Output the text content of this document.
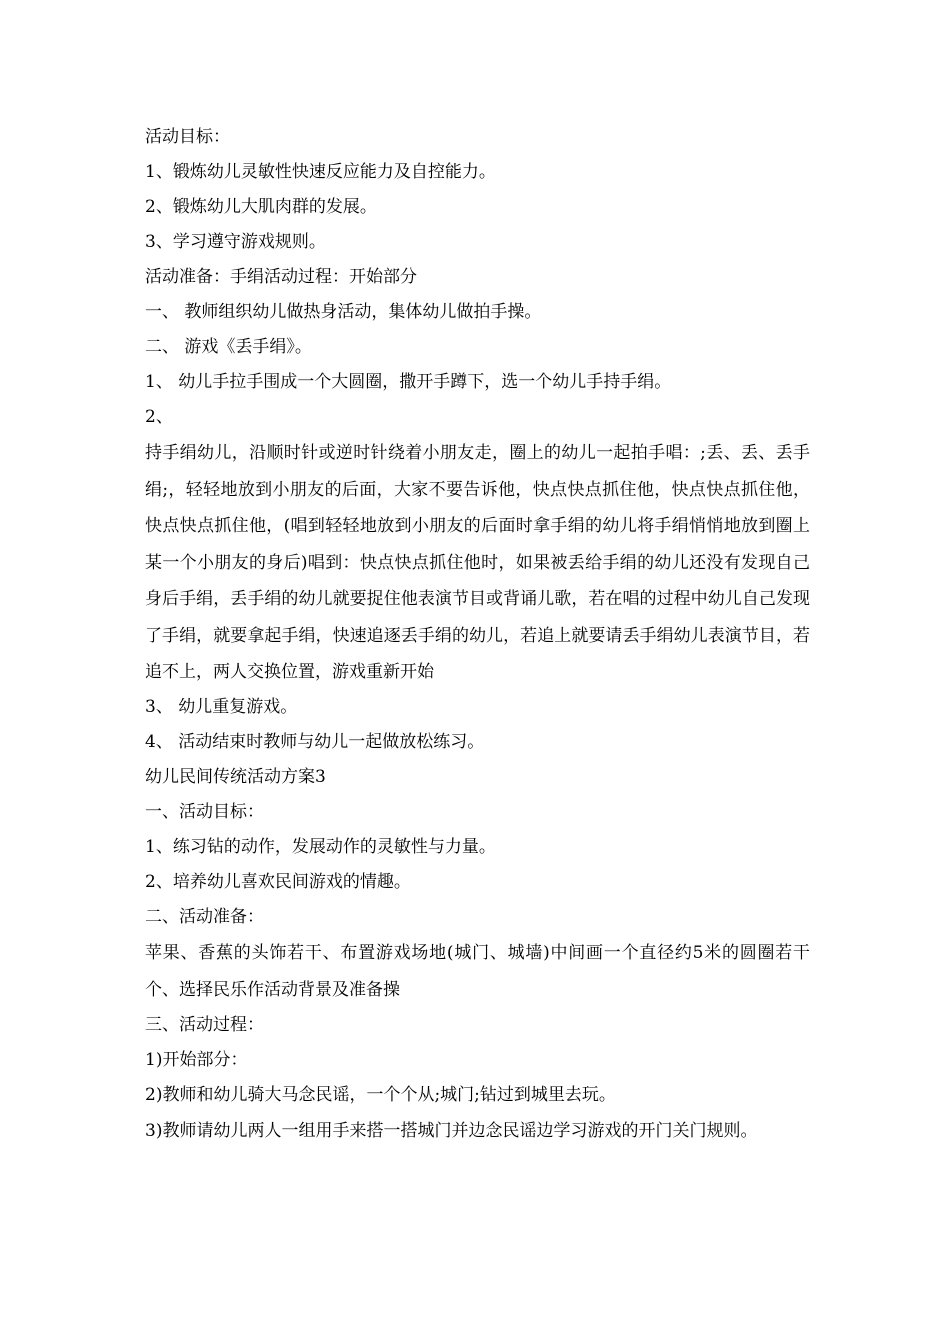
活动目标：
1、锻炼幼儿灵敏性快速反应能力及自控能力。
2、锻炼幼儿大肌肉群的发展。
3、学习遵守游戏规则。
活动准备：手绢活动过程：开始部分
一、 教师组织幼儿做热身活动，集体幼儿做拍手操。
二、 游戏《丢手绢》。
1、 幼儿手拉手围成一个大圆圈，撒开手蹲下，选一个幼儿手持手绢。
2、
持手绢幼儿，沿顺时针或逆时针绕着小朋友走，圈上的幼儿一起拍手唱：;丢、丢、丢手绢;，轻轻地放到小朋友的后面，大家不要告诉他，快点快点抓住他，快点快点抓住他，快点快点抓住他，(唱到轻轻地放到小朋友的后面时拿手绢的幼儿将手绢悄悄地放到圈上某一个小朋友的身后)唱到：快点快点抓住他时，如果被丢给手绢的幼儿还没有发现自己身后手绢，丢手绢的幼儿就要捉住他表演节目或背诵儿歌，若在唱的过程中幼儿自己发现了手绢，就要拿起手绢，快速追逐丢手绢的幼儿，若追上就要请丢手绢幼儿表演节目，若追不上，两人交换位置，游戏重新开始
3、 幼儿重复游戏。
4、 活动结束时教师与幼儿一起做放松练习。
幼儿民间传统活动方案3
一、活动目标：
1、练习钻的动作，发展动作的灵敏性与力量。
2、培养幼儿喜欢民间游戏的情趣。
二、活动准备：
苹果、香蕉的头饰若干、布置游戏场地(城门、城墙)中间画一个直径约5米的圆圈若干个、选择民乐作活动背景及准备操
三、活动过程：
1)开始部分：
2)教师和幼儿骑大马念民谣，一个个从;城门;钻过到城里去玩。
3)教师请幼儿两人一组用手来搭一搭城门并边念民谣边学习游戏的开门关门规则。
